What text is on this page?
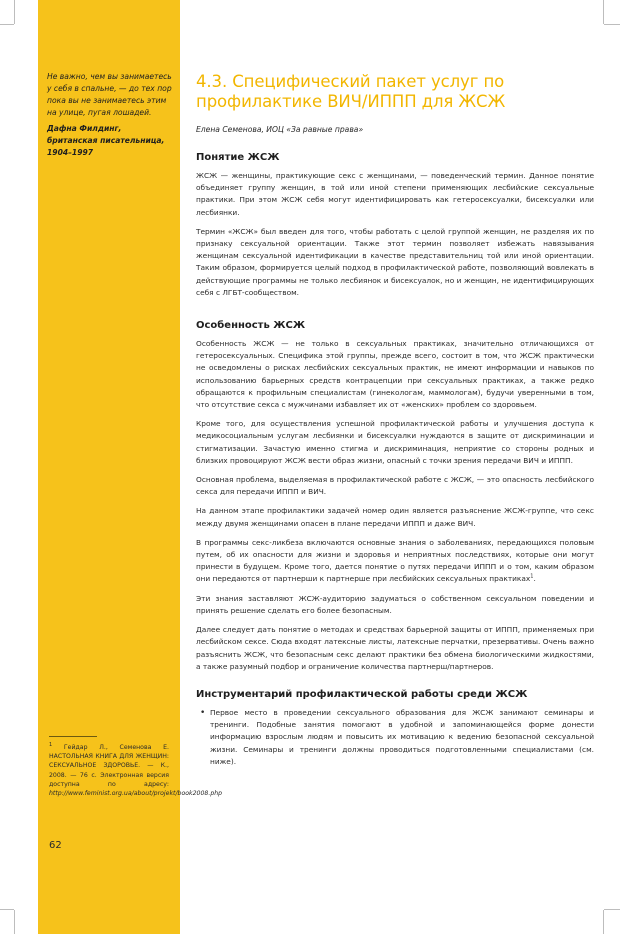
Не важно, чем вы занимаетесь у себя в спальне, — до тех пор пока вы не занимаетесь этим на улице, пугая лошадей.

Дафна Филдинг, британская писательница, 1904–1997

$^1$ Гейдар Л., Семенова Е. НАСТОЛЬНАЯ КНИГА ДЛЯ ЖЕНЩИН: СЕКСУАЛЬНОЕ ЗДОРОВЬЕ. — К., 2008. — 76 с. Электронная версия доступна по адресу: http://www.feminist.org.ua/about/projekt/book2008.php
62
4.3. Специфический пакет услуг по профилактике ВИЧ/ИППП для ЖСЖ

Елена Семенова, ИОЦ «За равные права»

Понятие ЖСЖ

ЖСЖ — женщины, практикующие секс с женщинами, — поведенческий термин. Данное понятие объединяет группу женщин, в той или иной степени применяющих лесбийские сексуальные практики. При этом ЖСЖ себя могут идентифицировать как гетеросексуалки, бисексуалки или лесбиянки.

Термин «ЖСЖ» был введен для того, чтобы работать с целой группой женщин, не разделяя их по признаку сексуальной ориентации. Также этот термин позволяет избежать навязывания женщинам сексуальной идентификации в качестве представительниц той или иной ориентации. Таким образом, формируется целый подход в профилактической работе, позволяющий вовлекать в действующие программы не только лесбиянок и бисексуалок, но и женщин, не идентифицирующих себя с ЛГБТ-сообществом.

Особенность ЖСЖ

Особенность ЖСЖ — не только в сексуальных практиках, значительно отличающихся от гетеросексуальных. Специфика этой группы, прежде всего, состоит в том, что ЖСЖ практически не осведомлены о рисках лесбийских сексуальных практик, не имеют информации и навыков по использованию барьерных средств контрацепции при сексуальных практиках, а также редко обращаются к профильным специалистам (гинекологам, маммологам), будучи уверенными в том, что отсутствие секса с мужчинами избавляет их от «женских» проблем со здоровьем.

Кроме того, для осуществления успешной профилактической работы и улучшения доступа к медикосоциальным услугам лесбиянки и бисексуалки нуждаются в защите от дискриминации и стигматизации. Зачастую именно стигма и дискриминация, неприятие со стороны родных и близких провоцируют ЖСЖ вести образ жизни, опасный с точки зрения передачи ВИЧ и ИППП.

Основная проблема, выделяемая в профилактической работе с ЖСЖ, — это опасность лесбийского секса для передачи ИППП и ВИЧ.

На данном этапе профилактики задачей номер один является разъяснение ЖСЖ-группе, что секс между двумя женщинами опасен в плане передачи ИППП и даже ВИЧ.

В программы секс-ликбеза включаются основные знания о заболеваниях, передающихся половым путем, об их опасности для жизни и здоровья и неприятных последствиях, которые они могут принести в будущем. Кроме того, дается понятие о путях передачи ИППП и о том, каким образом они передаются от партнерши к партнерше при лесбийских сексуальных практиках$^1$.

Эти знания заставляют ЖСЖ-аудиторию задуматься о собственном сексуальном поведении и принять решение сделать его более безопасным.

Далее следует дать понятие о методах и средствах барьерной защиты от ИППП, применяемых при лесбийском сексе. Сюда входят латексные листы, латексные перчатки, презервативы. Очень важно разъяснить ЖСЖ, что безопасным секс делают практики без обмена биологическими жидкостями, а также разумный подбор и ограничение количества партнерш/партнеров.

Инструментарий профилактической работы среди ЖСЖ
• Первое место в проведении сексуального образования для ЖСЖ занимают семинары и тренинги. Подобные занятия помогают в удобной и запоминающейся форме донести информацию взрослым людям и повысить их мотивацию к ведению безопасной сексуальной жизни. Семинары и тренинги должны проводиться подготовленными специалистами (см. ниже).
